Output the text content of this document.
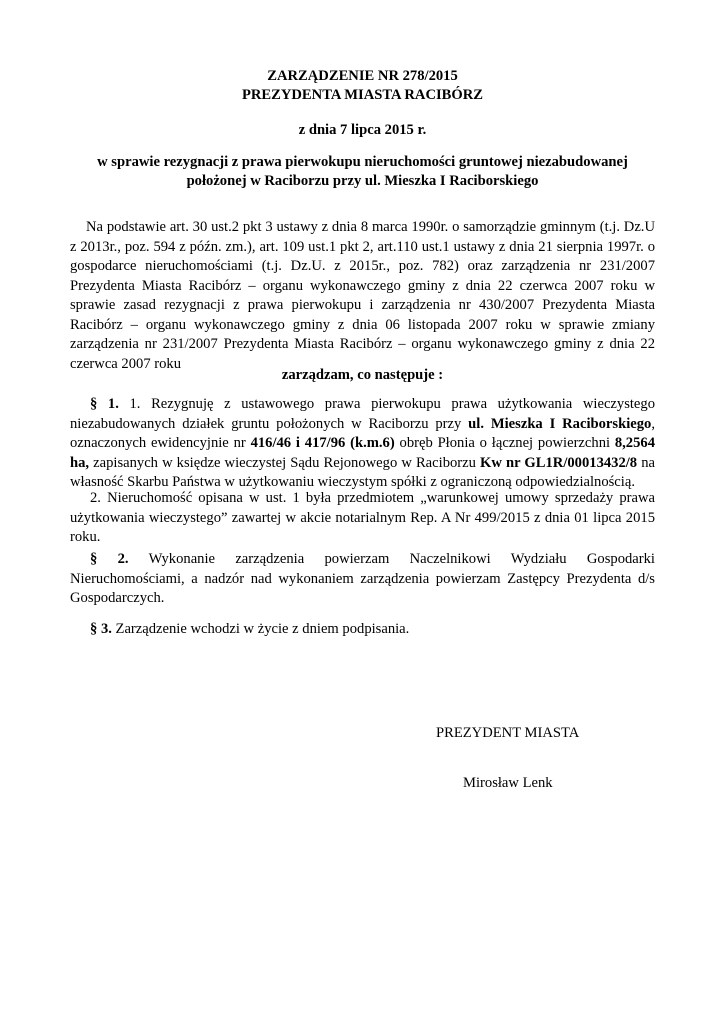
ZARZĄDZENIE NR 278/2015
PREZYDENTA MIASTA RACIBÓRZ
z dnia 7 lipca 2015 r.
w sprawie rezygnacji z prawa pierwokupu nieruchomości gruntowej niezabudowanej
położonej w Raciborzu przy ul. Mieszka I Raciborskiego
Na podstawie art. 30 ust.2 pkt 3 ustawy z dnia 8 marca 1990r. o samorządzie gminnym (t.j. Dz.U z 2013r., poz. 594 z późn. zm.), art. 109 ust.1 pkt 2, art.110 ust.1 ustawy z dnia 21 sierpnia 1997r. o gospodarce nieruchomościami (t.j. Dz.U. z 2015r., poz. 782) oraz zarządzenia nr 231/2007 Prezydenta Miasta Racibórz – organu wykonawczego gminy z dnia 22 czerwca 2007 roku w sprawie zasad rezygnacji z prawa pierwokupu i zarządzenia nr 430/2007 Prezydenta Miasta Racibórz – organu wykonawczego gminy z dnia 06 listopada 2007 roku w sprawie zmiany zarządzenia nr 231/2007 Prezydenta Miasta Racibórz – organu wykonawczego gminy z dnia 22 czerwca 2007 roku
zarządzam, co następuje :
§ 1. 1. Rezygnuję z ustawowego prawa pierwokupu prawa użytkowania wieczystego niezabudowanych działek gruntu położonych w Raciborzu przy ul. Mieszka I Raciborskiego, oznaczonych ewidencyjnie nr 416/46 i 417/96 (k.m.6) obręb Płonia o łącznej powierzchni 8,2564 ha, zapisanych w księdze wieczystej Sądu Rejonowego w Raciborzu Kw nr GL1R/00013432/8 na własność Skarbu Państwa w użytkowaniu wieczystym spółki z ograniczoną odpowiedzialnością.
2. Nieruchomość opisana w ust. 1 była przedmiotem „warunkowej umowy sprzedaży prawa użytkowania wieczystego” zawartej w akcie notarialnym Rep. A Nr 499/2015 z dnia 01 lipca 2015 roku.
§ 2. Wykonanie zarządzenia powierzam Naczelnikowi Wydziału Gospodarki Nieruchomościami, a nadzór nad wykonaniem zarządzenia powierzam Zastępcy Prezydenta d/s Gospodarczych.
§ 3. Zarządzenie wchodzi w życie z dniem podpisania.
PREZYDENT MIASTA
Mirosław Lenk
